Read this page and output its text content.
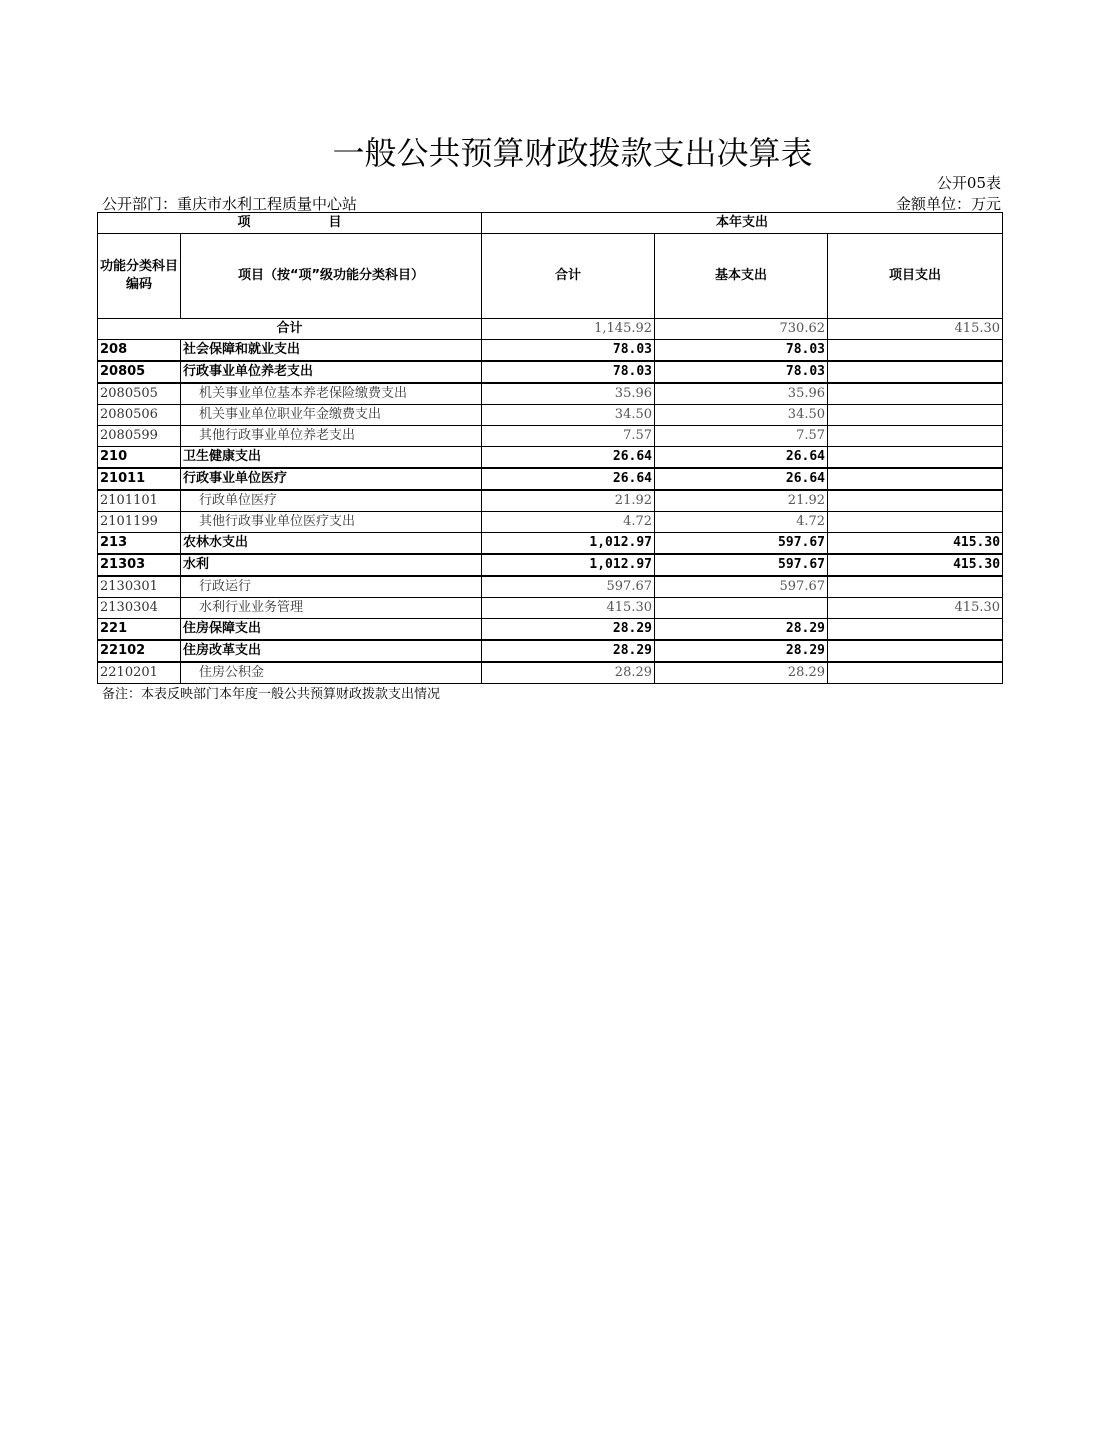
一般公共预算财政拨款支出决算表
公开05表
公开部门：重庆市水利工程质量中心站	金额单位：万元
项　　　　　　目		本年支出		
功能分类科目编码	项目（按“项”级功能分类科目）	合计	基本支出	项目支出
合计		1,145.92	730.62	415.30
208	社会保障和就业支出	78.03	78.03	
20805	行政事业单位养老支出	78.03	78.03	
2080505	机关事业单位基本养老保险缴费支出	35.96	35.96	
2080506	机关事业单位职业年金缴费支出	34.50	34.50	
2080599	其他行政事业单位养老支出	7.57	7.57	
210	卫生健康支出	26.64	26.64	
21011	行政事业单位医疗	26.64	26.64	
2101101	行政单位医疗	21.92	21.92	
2101199	其他行政事业单位医疗支出	4.72	4.72	
213	农林水支出	1,012.97	597.67	415.30
21303	水利	1,012.97	597.67	415.30
2130301	行政运行	597.67	597.67	
2130304	水利行业业务管理	415.30		415.30
221	住房保障支出	28.29	28.29	
22102	住房改革支出	28.29	28.29	
2210201	住房公积金	28.29	28.29	
备注：本表反映部门本年度一般公共预算财政拨款支出情况
